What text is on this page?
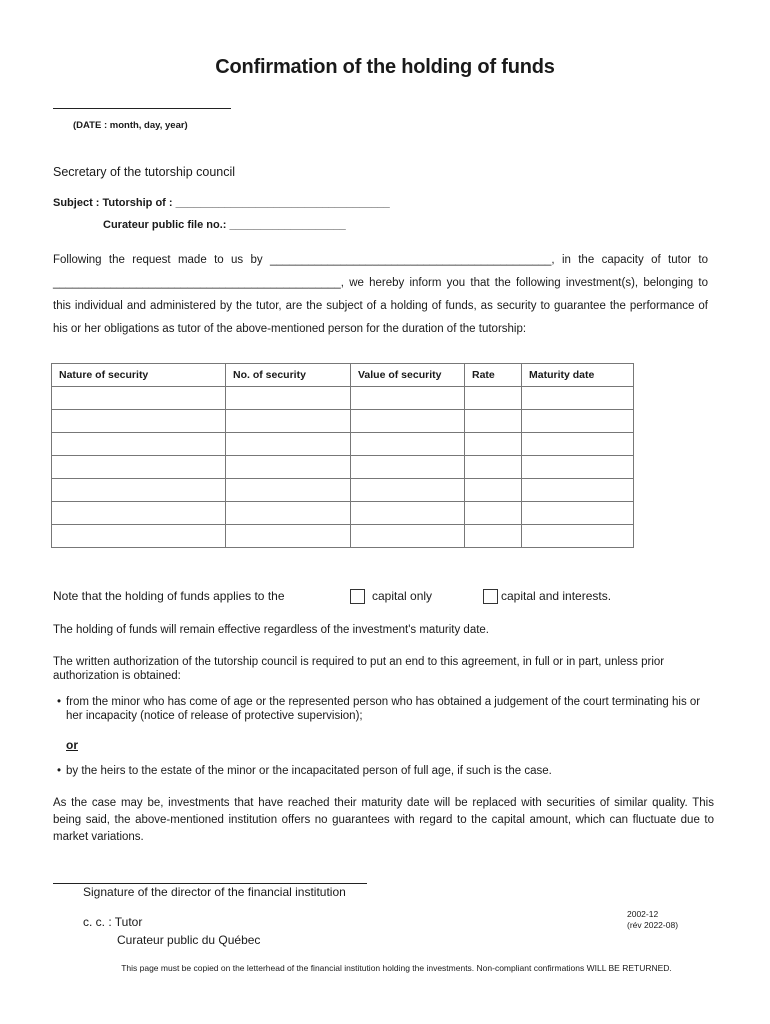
Confirmation of the holding of funds
(DATE : month, day, year)
Secretary of the tutorship council
Subject : Tutorship of : ___________________________________
Curateur public file no.: ___________________
Following the request made to us by ____________________________________________, in the capacity of tutor to _____________________________________________, we hereby inform you that the following investment(s), belonging to this individual and administered by the tutor, are the subject of a holding of funds, as security to guarantee the performance of his or her obligations as tutor of the above-mentioned person for the duration of the tutorship:
Nature of security	No. of security	Value of security	Rate	Maturity date

Note that the holding of funds applies to the	capital only	capital and interests.
The holding of funds will remain effective regardless of the investment's maturity date.
The written authorization of the tutorship council is required to put an end to this agreement, in full or in part, unless prior authorization is obtained:
• from the minor who has come of age or the represented person who has obtained a judgement of the court terminating his or her incapacity (notice of release of protective supervision);
or
• by the heirs to the estate of the minor or the incapacitated person of full age, if such is the case.
As the case may be, investments that have reached their maturity date will be replaced with securities of similar quality. This being said, the above-mentioned institution offers no guarantees with regard to the capital amount, which can fluctuate due to market variations.
Signature of the director of the financial institution
c. c. : Tutor
Curateur public du Québec
2002-12
(rév 2022-08)
This page must be copied on the letterhead of the financial institution holding the investments. Non-compliant confirmations WILL BE RETURNED.
